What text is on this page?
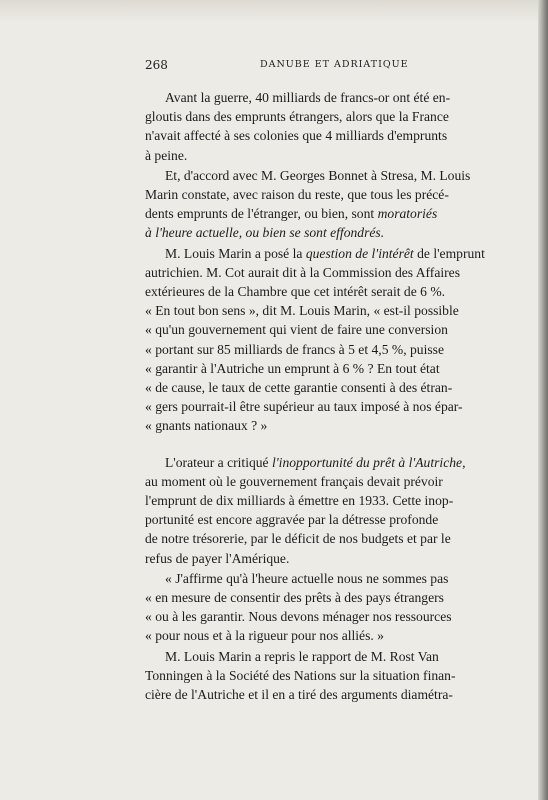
268	DANUBE ET ADRIATIQUE

Avant la guerre, 40 milliards de francs-or ont été en-
gloutis dans des emprunts étrangers, alors que la France
n'avait affecté à ses colonies que 4 milliards d'emprunts
à peine.

Et, d'accord avec M. Georges Bonnet à Stresa, M. Louis
Marin constate, avec raison du reste, que tous les précé-
dents emprunts de l'étranger, ou bien, sont moratoriés
à l'heure actuelle, ou bien se sont effondrés.

M. Louis Marin a posé la question de l'intérêt de l'emprunt
autrichien. M. Cot aurait dit à la Commission des Affaires
extérieures de la Chambre que cet intérêt serait de 6 %.
« En tout bon sens », dit M. Louis Marin, « est-il possible
« qu'un gouvernement qui vient de faire une conversion
« portant sur 85 milliards de francs à 5 et 4,5 %, puisse
« garantir à l'Autriche un emprunt à 6 % ? En tout état
« de cause, le taux de cette garantie consenti à des étran-
« gers pourrait-il être supérieur au taux imposé à nos épar-
« gnants nationaux ? »

L'orateur a critiqué l'inopportunité du prêt à l'Autriche,
au moment où le gouvernement français devait prévoir
l'emprunt de dix milliards à émettre en 1933. Cette inop-
portunité est encore aggravée par la détresse profonde
de notre trésorerie, par le déficit de nos budgets et par le
refus de payer l'Amérique.

« J'affirme qu'à l'heure actuelle nous ne sommes pas
« en mesure de consentir des prêts à des pays étrangers
« ou à les garantir. Nous devons ménager nos ressources
« pour nous et à la rigueur pour nos alliés. »

M. Louis Marin a repris le rapport de M. Rost Van
Tonningen à la Société des Nations sur la situation finan-
cière de l'Autriche et il en a tiré des arguments diamétra-
